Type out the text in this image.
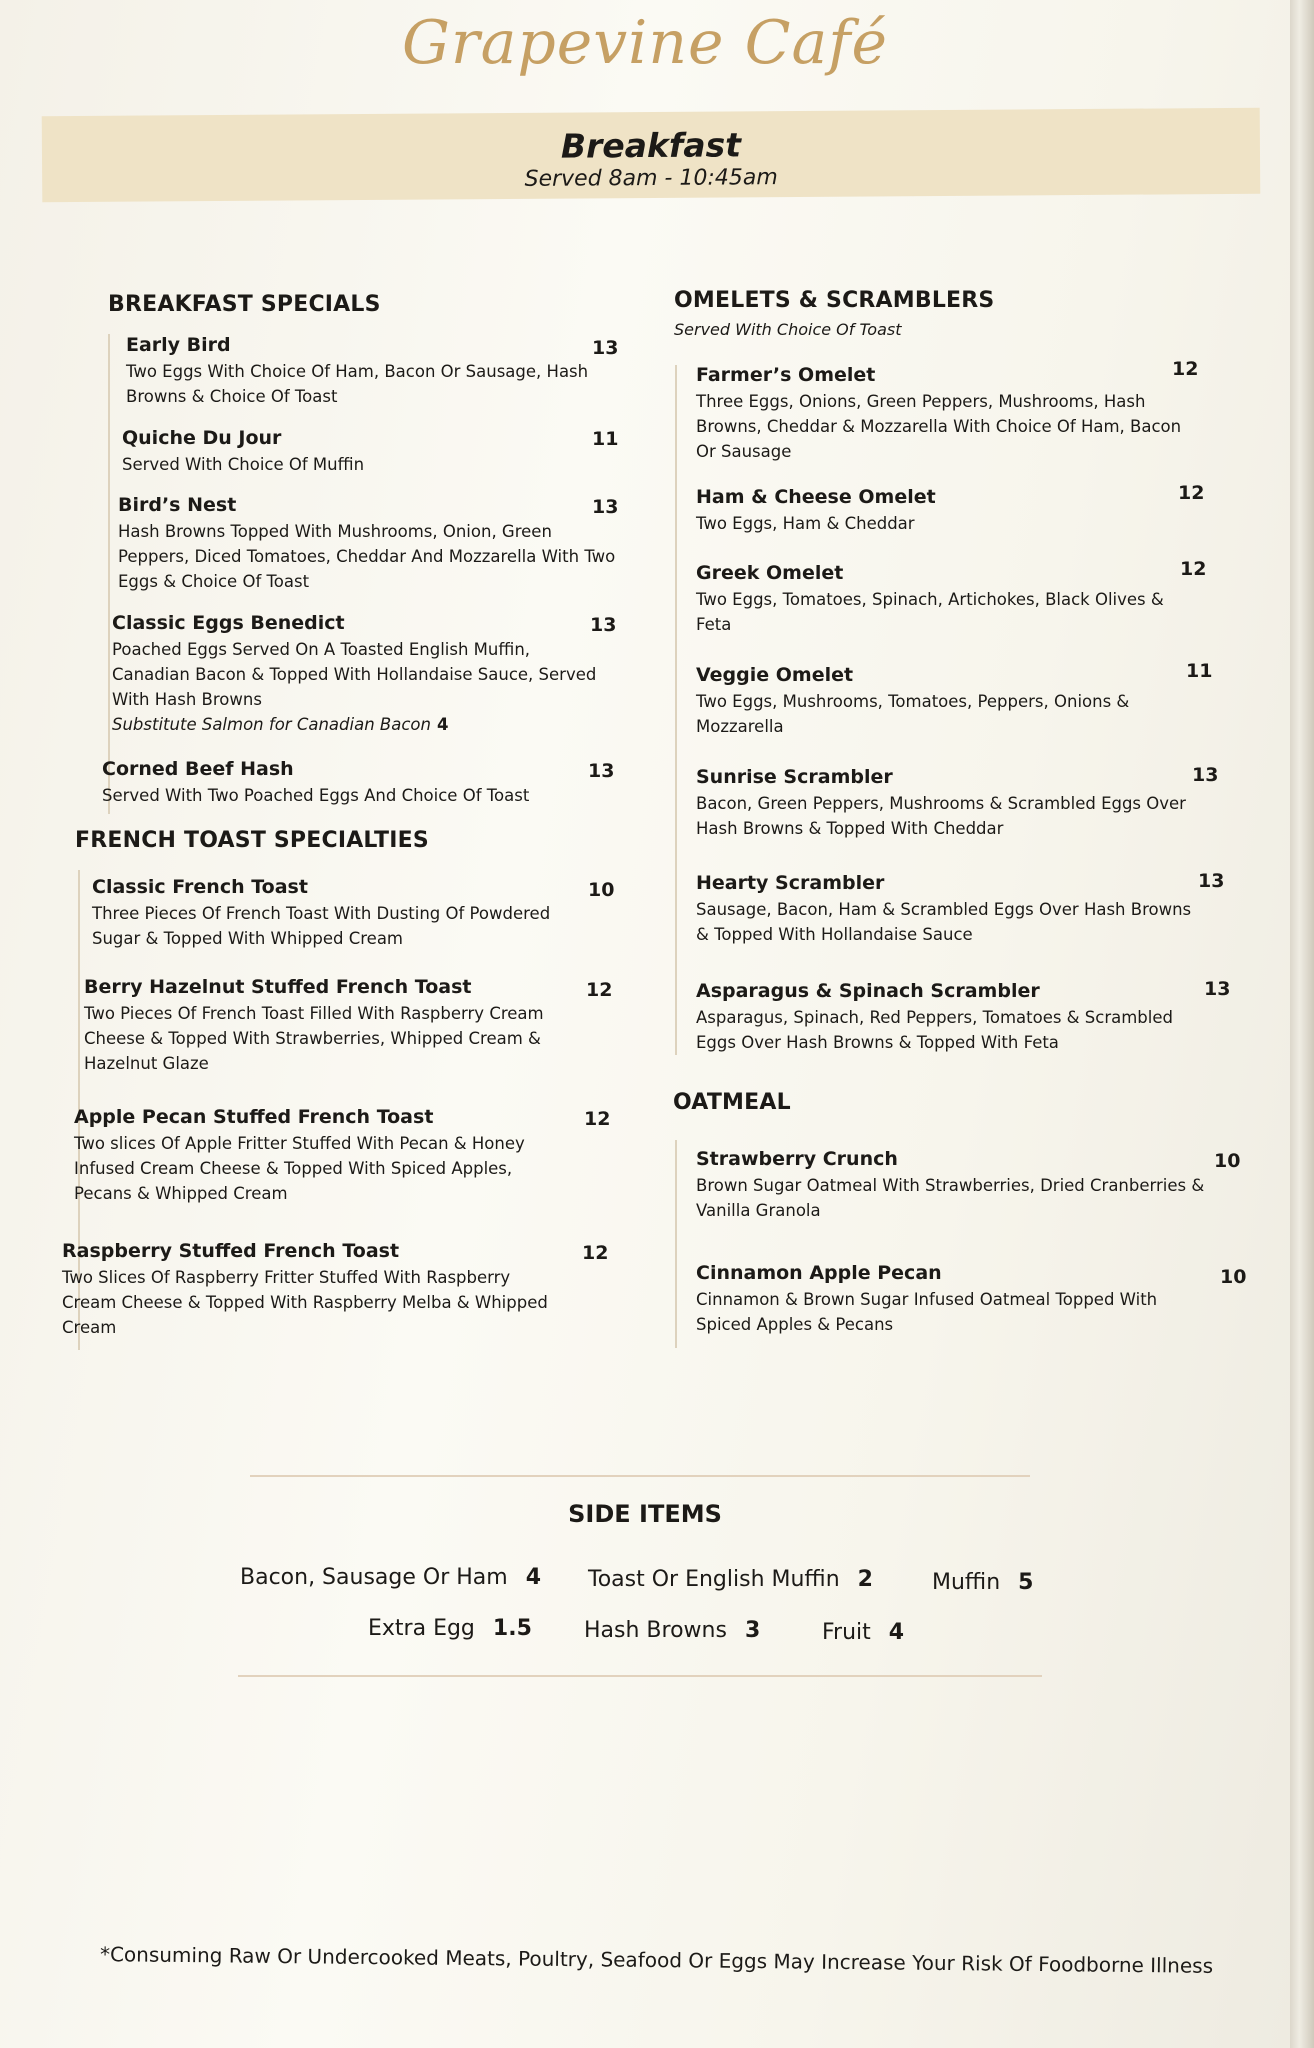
Grapevine Café
Breakfast
Served 8am - 10:45am
BREAKFAST SPECIALS
Early Bird
Two Eggs With Choice Of Ham, Bacon Or Sausage, Hash Browns & Choice Of Toast
13
Quiche Du Jour
Served With Choice Of Muffin
11
Bird’s Nest
Hash Browns Topped With Mushrooms, Onion, Green Peppers, Diced Tomatoes, Cheddar And Mozzarella With Two Eggs & Choice Of Toast
13
Classic Eggs Benedict
Poached Eggs Served On A Toasted English Muffin, Canadian Bacon & Topped With Hollandaise Sauce, Served With Hash Browns
Substitute Salmon for Canadian Bacon 4
13
Corned Beef Hash
Served With Two Poached Eggs And Choice Of Toast
13
FRENCH TOAST SPECIALTIES
Classic French Toast
Three Pieces Of French Toast With Dusting Of Powdered Sugar & Topped With Whipped Cream
10
Berry Hazelnut Stuffed French Toast
Two Pieces Of French Toast Filled With Raspberry Cream Cheese & Topped With Strawberries, Whipped Cream & Hazelnut Glaze
12
Apple Pecan Stuffed French Toast
Two slices Of Apple Fritter Stuffed With Pecan & Honey Infused Cream Cheese & Topped With Spiced Apples, Pecans & Whipped Cream
12
Raspberry Stuffed French Toast
Two Slices Of Raspberry Fritter Stuffed With Raspberry Cream Cheese & Topped With Raspberry Melba & Whipped Cream
12
OMELETS & SCRAMBLERS
Served With Choice Of Toast
Farmer’s Omelet
Three Eggs, Onions, Green Peppers, Mushrooms, Hash Browns, Cheddar & Mozzarella With Choice Of Ham, Bacon Or Sausage
12
Ham & Cheese Omelet
Two Eggs, Ham & Cheddar
12
Greek Omelet
Two Eggs, Tomatoes, Spinach, Artichokes, Black Olives & Feta
12
Veggie Omelet
Two Eggs, Mushrooms, Tomatoes, Peppers, Onions & Mozzarella
11
Sunrise Scrambler
Bacon, Green Peppers, Mushrooms & Scrambled Eggs Over Hash Browns & Topped With Cheddar
13
Hearty Scrambler
Sausage, Bacon, Ham & Scrambled Eggs Over Hash Browns & Topped With Hollandaise Sauce
13
Asparagus & Spinach Scrambler
Asparagus, Spinach, Red Peppers, Tomatoes & Scrambled Eggs Over Hash Browns & Topped With Feta
13
OATMEAL
Strawberry Crunch
Brown Sugar Oatmeal With Strawberries, Dried Cranberries & Vanilla Granola
10
Cinnamon Apple Pecan
Cinnamon & Brown Sugar Infused Oatmeal Topped With Spiced Apples & Pecans
10
SIDE ITEMS
Bacon, Sausage Or Ham 4 Toast Or English Muffin 2	Muffin 5
Extra Egg 1.5 Hash Browns 3	Fruit 4
*Consuming Raw Or Undercooked Meats, Poultry, Seafood Or Eggs May Increase Your Risk Of Foodborne Illness
